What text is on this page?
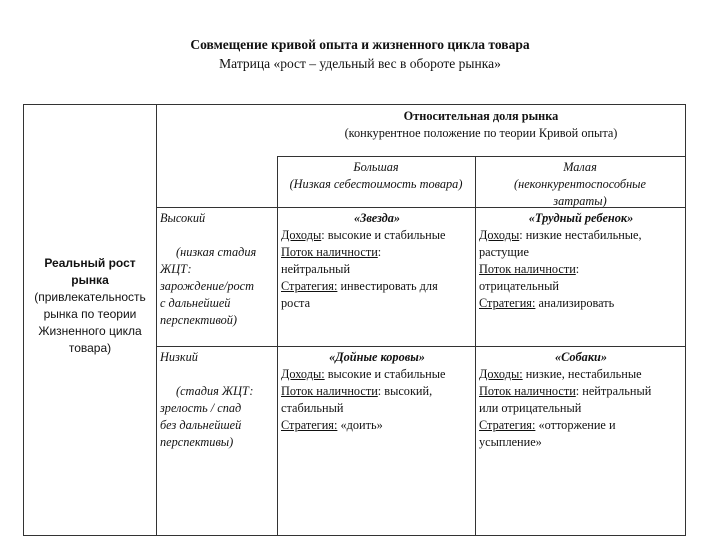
Совмещение кривой опыта и жизненного цикла товара
Матрица «рост – удельный вес в обороте рынка»
Относительная доля рынка
(конкурентное положение по теории Кривой опыта)
Большая
(Низкая себестоимость товара)
Малая
(неконкурентоспособные
затраты)
Реальный рост
рынка
(привлекательность
рынка по теории
Жизненного цикла
товара)
Высокий
(низкая стадия
ЖЦТ:
зарождение/рост
с дальнейшей
перспективой)
«Звезда»
Доходы: высокие и стабильные
Поток наличности:
нейтральный
Стратегия: инвестировать для
роста
«Трудный ребенок»
Доходы: низкие нестабильные,
растущие
Поток наличности:
отрицательный
Стратегия: анализировать
Низкий
(стадия ЖЦТ:
зрелость / спад
без дальнейшей
перспективы)
«Дойные коровы»
Доходы: высокие и стабильные
Поток наличности: высокий,
стабильный
Стратегия: «доить»
«Собаки»
Доходы: низкие, нестабильные
Поток наличности: нейтральный
или отрицательный
Стратегия: «отторжение и
усыпление»
